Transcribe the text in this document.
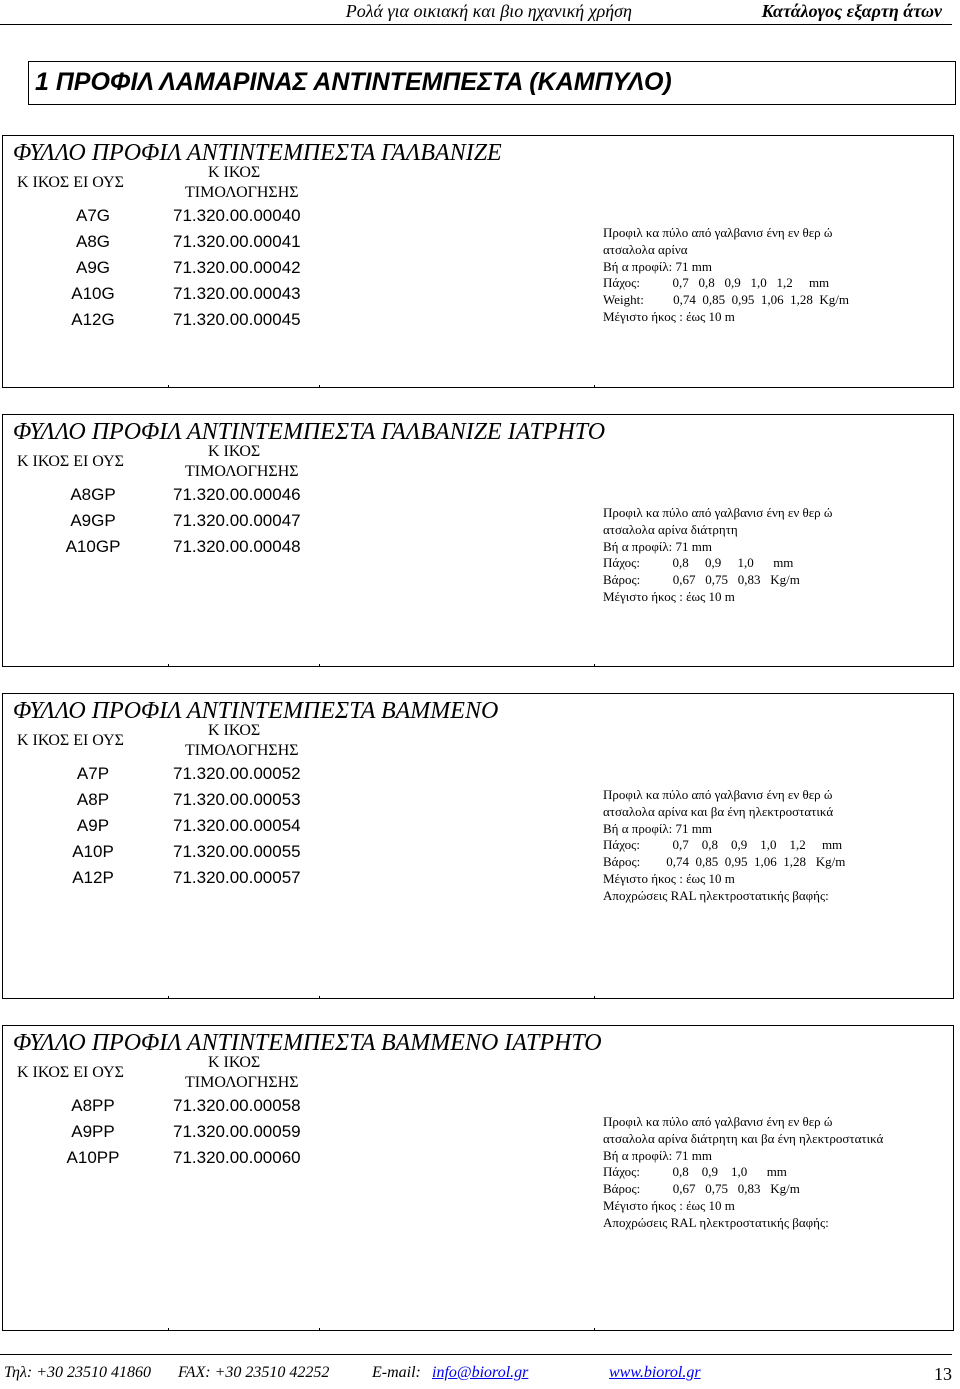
Ρολά για οικιακή και βιο ηχανική χρήση	Κατάλογος εξαρτη άτων
1 ΠΡΟΦΙΛ ΛΑΜΑΡΙΝΑΣ ΑΝΤΙΝΤΕΜΠΕΣΤΑ (ΚΑΜΠΥΛΟ)
ΦΥΛΛΟ ΠΡΟΦΙΛ ΑΝΤΙΝΤΕΜΠΕΣΤΑ ΓΑΛΒΑΝΙΖΕ
Κ ΙΚΟΣ ΕΙ ΟΥΣ
Κ ΙΚΟΣ
ΤΙΜΟΛΟΓΗΣΗΣ
A7G	71.320.00.00040
A8G	71.320.00.00041
A9G	71.320.00.00042
A10G	71.320.00.00043
A12G	71.320.00.00045
Προφιλ κα πύλο από γαλβανισ ένη εν θερ ώ
ατσαλολα αρίνα
Βή α προφίλ: 71 mm
Πάχος:          0,7   0,8   0,9   1,0   1,2     mm
Weight:         0,74  0,85  0,95  1,06  1,28  Kg/m
Μέγιστο ήκος : έως 10 m
ΦΥΛΛΟ ΠΡΟΦΙΛ ΑΝΤΙΝΤΕΜΠΕΣΤΑ ΓΑΛΒΑΝΙΖΕ ΙΑΤΡΗΤΟ
Κ ΙΚΟΣ ΕΙ ΟΥΣ
Κ ΙΚΟΣ
ΤΙΜΟΛΟΓΗΣΗΣ
A8GP	71.320.00.00046
A9GP	71.320.00.00047
A10GP	71.320.00.00048
Προφιλ κα πύλο από γαλβανισ ένη εν θερ ώ
ατσαλολα αρίνα διάτρητη
Βή α προφίλ: 71 mm
Πάχος:          0,8     0,9     1,0      mm
Βάρος:          0,67   0,75   0,83   Kg/m
Μέγιστο ήκος : έως 10 m
ΦΥΛΛΟ ΠΡΟΦΙΛ ΑΝΤΙΝΤΕΜΠΕΣΤΑ ΒΑΜΜΕΝΟ
Κ ΙΚΟΣ ΕΙ ΟΥΣ
Κ ΙΚΟΣ
ΤΙΜΟΛΟΓΗΣΗΣ
A7P	71.320.00.00052
A8P	71.320.00.00053
A9P	71.320.00.00054
A10P	71.320.00.00055
A12P	71.320.00.00057
Προφιλ κα πύλο από γαλβανισ ένη εν θερ ώ
ατσαλολα αρίνα και βα ένη ηλεκτροστατικά
Βή α προφίλ: 71 mm
Πάχος:          0,7    0,8    0,9    1,0    1,2     mm
Βάρος:        0,74  0,85  0,95  1,06  1,28   Kg/m
Μέγιστο ήκος : έως 10 m
Αποχρώσεις RAL ηλεκτροστατικής βαφής:
ΦΥΛΛΟ ΠΡΟΦΙΛ ΑΝΤΙΝΤΕΜΠΕΣΤΑ ΒΑΜΜΕΝΟ ΙΑΤΡΗΤΟ
Κ ΙΚΟΣ ΕΙ ΟΥΣ
Κ ΙΚΟΣ
ΤΙΜΟΛΟΓΗΣΗΣ
A8PP	71.320.00.00058
A9PP	71.320.00.00059
A10PP	71.320.00.00060
Προφιλ κα πύλο από γαλβανισ ένη εν θερ ώ
ατσαλολα αρίνα διάτρητη και βα ένη ηλεκτροστατικά
Βή α προφίλ: 71 mm
Πάχος:          0,8    0,9    1,0      mm
Βάρος:          0,67   0,75   0,83   Kg/m
Μέγιστο ήκος : έως 10 m
Αποχρώσεις RAL ηλεκτροστατικής βαφής:
Τηλ: +30 23510 41860 FAX: +30 23510 42252	E-mail: info@biorol.gr	www.biorol.gr	13
